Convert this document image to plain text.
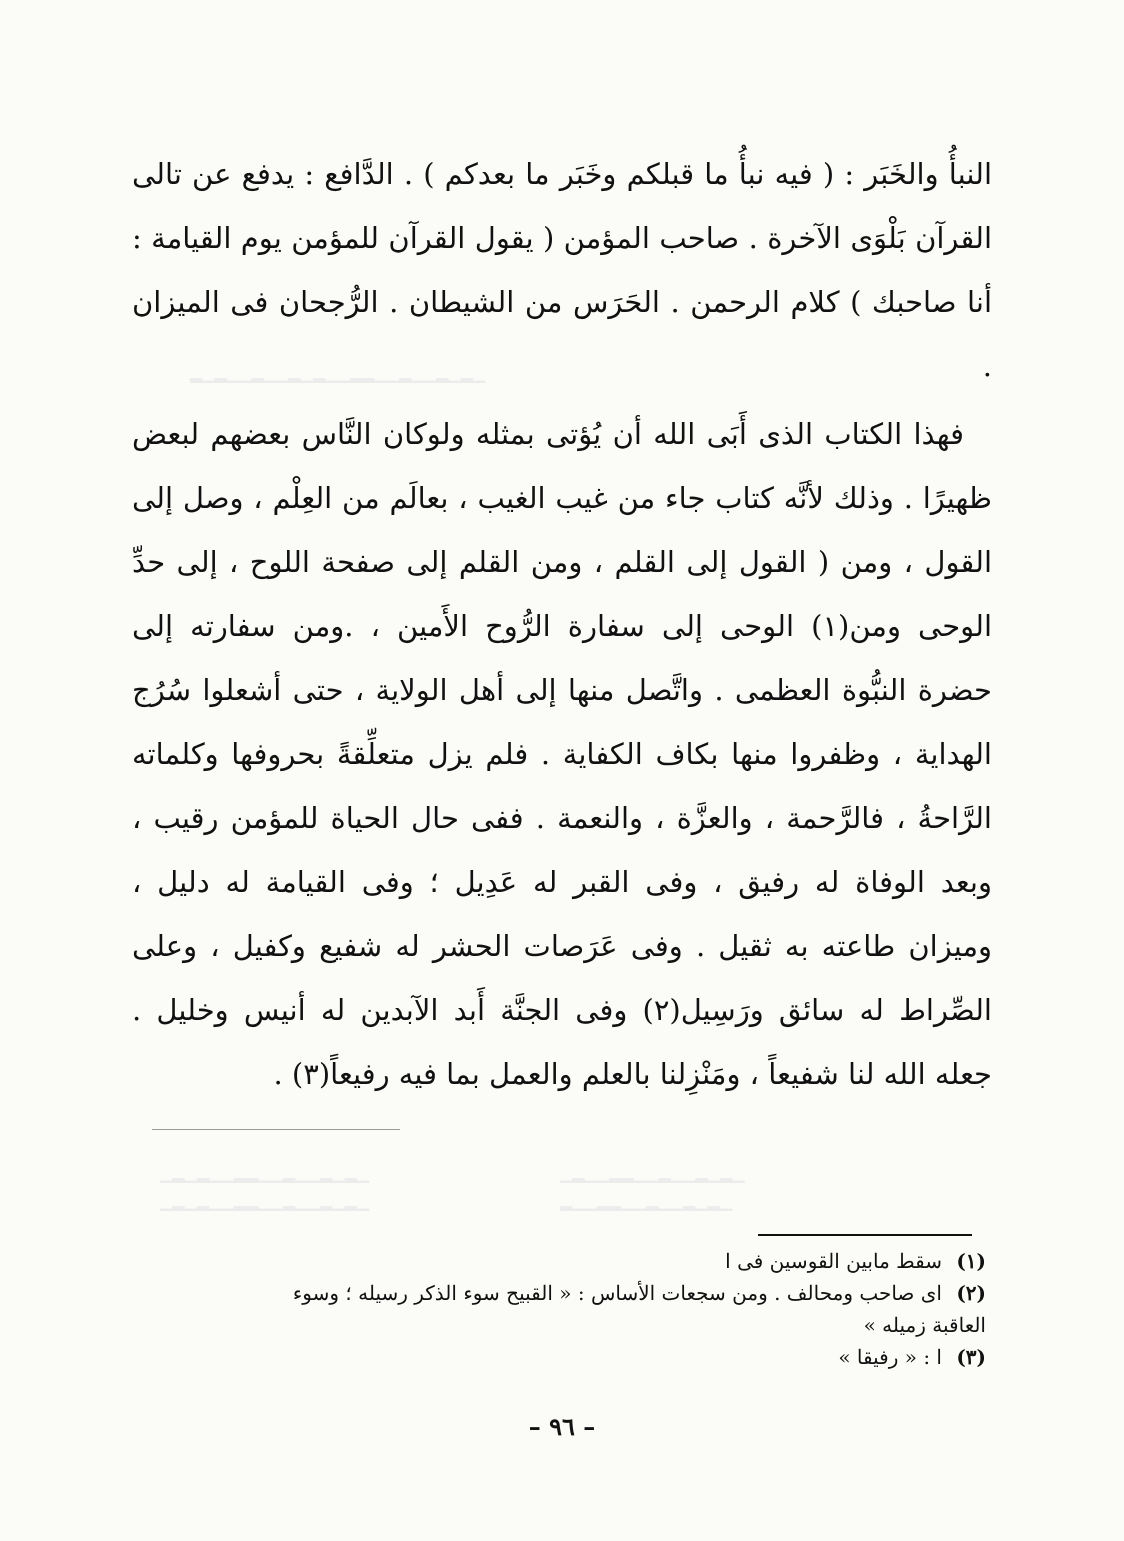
▁▂▁▂▁▁▂▁▁▂▂▁▁▂▁▂▁▁▂▁▁▂▁▂
▁▂▁▂▁▁▂▁▁▂▂▁▁▂▁▂▁	▁▂▁▂▁▁▂▁▁▂▂▁▁▂▁
▁▂▁▂▁▁▂▁▁▂▂▁▁▂▁▂▁	▁▂▁▂▁▁▂▁▁▂▂▁▁▂

النبأُ والخَبَر : ( فيه نبأُ ما قبلكم وخَبَر ما بعدكم ) . الدَّافع : يدفع عن تالى القرآن بَلْوَى الآخرة . صاحب المؤمن ( يقول القرآن للمؤمن يوم القيامة : أنا صاحبك ) كلام الرحمن . الحَرَس من الشيطان . الرُّجحان فى الميزان .

فهذا الكتاب الذى أَبَى الله أن يُؤتى بمثله ولوكان النَّاس بعضهم لبعض ظهيرًا . وذلك لأنَّه كتاب جاء من غيب الغيب ، بعالَم من العِلْم ، وصل إلى القول ، ومن ( القول إلى القلم ، ومن القلم إلى صفحة اللوح ، إلى حدِّ الوحى ومن(١) الوحى إلى سفارة الرُّوح الأَمين ، .ومن سفارته إلى حضرة النبُّوة العظمى . واتَّصل منها إلى أهل الولاية ، حتى أشعلوا سُرُج الهداية ، وظفروا منها بكاف الكفاية . فلم يزل متعلِّقةً بحروفها وكلماته الرَّاحةُ ، فالرَّحمة ، والعزَّة ، والنعمة . ففى حال الحياة للمؤمن رقيب ، وبعد الوفاة له رفيق ، وفى القبر له عَدِيل ؛ وفى القيامة له دليل ، وميزان طاعته به ثقيل . وفى عَرَصات الحشر له شفيع وكفيل ، وعلى الصِّراط له سائق ورَسِيل(٢) وفى الجنَّة أَبد الآبدين له أنيس وخليل . جعله الله لنا شفيعاً ، ومَنْزِلنا بالعلم والعمل بما فيه رفيعاً(٣) .

(١)
سقط مابين القوسين فى ا
(٢)
اى صاحب ومحالف . ومن سجعات الأساس : « القبيح سوء الذكر رسيله ؛ وسوء
العاقبة زميله »
(٣)
ا : « رفيقا »
– ٩٦ –
